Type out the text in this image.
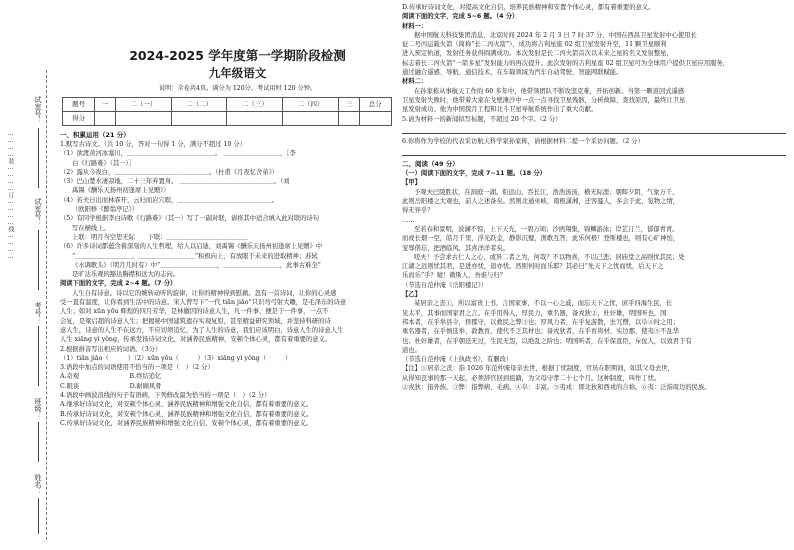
试室号：
试室号：
考号：
班级：
姓名：
…………装…………订…………线…………
2024-2025 学年度第一学期阶段检测
九年级语文
说明：全卷共4页，满分为 120分，考试用时 120 分钟。
题号	一	二（一）	二（二）	二（三）	二（四）	三	总分
得分							

一、积累运用（21 分）

1.默写古诗文。（共 10 分，答对一句得 1 分，满分不超过 10 分）

（1）欲渡黄河冰塞川，＿＿＿＿＿＿＿＿＿＿＿＿＿＿。 ＿＿＿＿＿＿＿＿＿，［李

白《行路难》（其一）］

（2）露从今夜白，＿＿＿＿＿＿＿＿＿＿＿＿＿＿＿。（杜甫《月夜忆舍弟》）

（3）巴山楚水凄凉地，二十三年弃置身。 ＿＿＿＿＿＿＿＿＿＿＿＿＿＿＿。（刘

禹锡《酬乐天扬州初逢席上见赠》）

（4）若夫日出而林霏开，云归而岩穴暝，＿＿＿＿＿＿＿＿＿＿＿＿＿＿＿。

（欧阳修《醉翁亭记》）

（5）有同学根据李白诗歌《行路难》（其一）写了一副对联，请将其中适合填入此对联的诗句

写在横线上。

上联：明月当空思无际　　下联：＿＿＿＿＿＿＿＿＿＿＿＿＿

（6）许多诗词都蕴含着深刻的人生哲理，给人以启迪，刘禹锡《酬乐天扬州初逢席上见赠》中

“＿＿＿＿＿＿＿＿＿，＿＿＿＿＿＿＿＿＿”积极向上，有放眼于未来的进取精神；苏轼

《水调歌头》（明月几时有）中“＿＿＿＿＿＿＿＿＿，＿＿＿＿＿＿＿＿＿，此事古难全”

是旷达乐观的豁达胸襟和远大的志向。

阅读下面的文字，完成 2~4 题。（7 分）

人生自有诗意。诗以它的婉转动听的旋律，让你的精神得到慰藉。忽有一首诗词，让你的心灵感

受一直有温度，让你看到生活中的诗意。宋人曾写下“一代 tiān jiāo”只识弯弓射大雕，是毛泽东的诗意

人生；如对 xūn yōu 辉煌的四月芳华，是林徽因的诗意人生，凡一件事，便是于一件事，一点不

会复，是梁启超的诗意人生；把揭秘中国建筑遗存实现复原，甚至精益研究领域，并坚持科研的诗

意人生，诗意的人生不在远方，不应切须追忆，为了人生的诗意，我们应该明白，诗意人生的诗意人生

人生 xiāng yì yǒng，传承发扬诗词文化，对涵养民族精神，安顿个体心灵，都有着重要的意义。

2.根据拼音写出相应的词语。（3分）

（1）tiān jiāo（　　　）（2）xūn yōu（　　　）（3）xiāng yì yǒng（　　　）

3.语段中加点的词语使用不恰当的一项是（　）（2 分）

A.奇观　　　　　　　　B.终结追忆

C.眼谈　　　　　　　　D.耐顾风骨

4.语段中画波浪线的句子有语病，下列修改最为恰当的一项是（　）（2 分）

A.继承好诗词文化，对安顿个体心灵、涵养民族精神和增强文化自信，都有着重要的意义。

B.传承好诗词文化，对安顿个体心灵、涵养民族精神和增强文化自信，都有着重要的意义。

C.传承好诗词文化，对涵养民族精神和增强文化自信、安顿个体心灵，都有着重要的意义。

D.传承好诗词文化，对提高文化自信，培养民族精神和安置个体心灵，都有着重要的意义。

阅读下面的文字，完成 5~6 题。（4 分）

材料一：

据中国航天科技集团消息，北京时间 2024 年 2 月 3 日 7 时 37 分，中国在西昌卫星发射中心使用长

征二号丙运载火箭（简称“长二丙火箭”），成功将吉利星座 02 组卫星发射升空，11 颗卫星顺利

进入预定轨道，发射任务获得圆满成功。本次发射是长二丙火箭首次以未来之星的名义发射整星，

标志着长二丙火箭“一箭多星”发射能力的再次提升。此次发射的吉利星座 02 组卫星可为全球用户提供卫星应用服务，

通过融合遥感、导航、通信技术，在车载领域为汽车自动驾驶、智能网联赋能。

材料二：

在孙家栋从事航天工作的 60 多年中，他带领团队不断攻坚克难，开拓创新。当第一颗返回式遥感

卫星发射失败时，他带着大家在戈壁滩沙中一点一点寻找卫星残骸，分析故障，查找原因，最终让卫星

星发射成功。他为中国探月工程和北斗卫星导航系统作出了重大贡献。

5.请为材料一的新闻拟写标题，不超过 20 个字。（2 分）

6.你将作为学校的代表采访航天科学家孙家栋，请根据材料二提一个采访问题。（2 分）

二、阅读（49 分）

（一）阅读下面的文字，完成 7~11 题。（18 分）

【甲】

予观夫巴陵胜状，在洞庭一湖。衔远山，吞长江，浩浩汤汤，横无际涯；朝晖夕阴，气象万千，

此则岳阳楼之大观也，前人之述备矣。然则北通巫峡，南极潇湘，迁客骚人，多会于此，览物之情，

得无异乎？

……

至若春和景明，波澜不惊，上下天光，一碧万顷；沙鸥翔集，锦鳞游泳；岸芷汀兰，郁郁青青。

而或长烟一空，皓月千里，浮光跃金，静影沉璧，渔歌互答，此乐何极！登斯楼也，则有心旷神怡，

宠辱偕忘，把酒临风，其喜洋洋者矣。

嗟夫！予尝求古仁人之心，或异二者之为，何哉？不以物喜，不以己悲；居庙堂之高则忧其民；处

江湖之远则忧其君，是进亦忧，退亦忧。然则何时而乐耶？其必曰“先天下之忧而忧，后天下之

乐而乐”乎？噫！微斯人，吾谁与归？

（节选自范仲淹《岳阳楼记》）

【乙】

某居亲之丧①，所以富贵上书，言国家事，不以一心之戚，而忘天下之忧，庶乎四海生民，长

见太平，其事而国家君之言。在乎用得人，厚民力，重名器，备戎狄②，杜奸雄，明国听也，国

邦本者，在乎举县令，择郡守，以救民之弊③也；厚风力者，在乎复游散，去冗僧，以阜④时之用；

重名器者，在乎慎选举、敦教育，使代不乏其材也；备戎狄者，在乎育将材、实边郡，使夷⑤不乱华

也；杜奸雄者，在乎朝廷无过，生民无怨，以绝乱之阶也；明国听者，在乎保直臣，斥佞人，以致君于有

道也。

（节选自范仲淹《上执政书》，有删改）

【注】①居亲之丧：指 1026 年范仲淹母亲去世，根据丁忧制度，官员在职期间，如其父母去世，

从得知丧事的那一天起，必须辞官回到祖籍，为父母守孝二十七个月。这种制度，叫作丁忧。

②戎狄：指外族。③弊：指弊病、毛病。④阜：丰富。⑤夷戎：即北狄和西戎的合称。⑥夷：泛指周边的民族。
